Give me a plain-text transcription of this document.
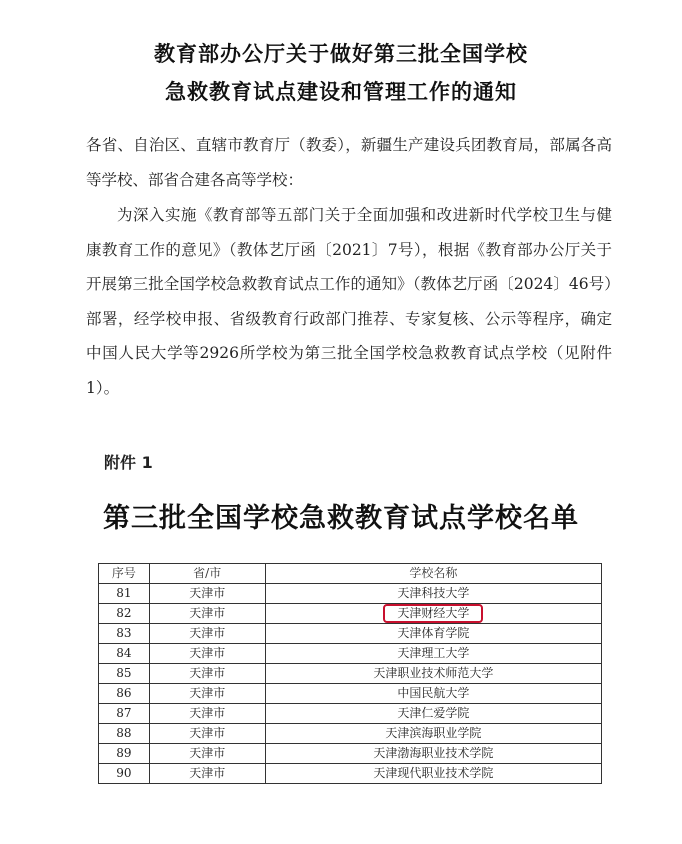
教育部办公厅关于做好第三批全国学校
急救教育试点建设和管理工作的通知

各省、自治区、直辖市教育厅（教委），新疆生产建设兵团教育局，部属各高等学校、部省合建各高等学校：

为深入实施《教育部等五部门关于全面加强和改进新时代学校卫生与健康教育工作的意见》（教体艺厅函〔2021〕7号），根据《教育部办公厅关于开展第三批全国学校急救教育试点工作的通知》（教体艺厅函〔2024〕46号）部署，经学校申报、省级教育行政部门推荐、专家复核、公示等程序，确定中国人民大学等2926所学校为第三批全国学校急救教育试点学校（见附件1）。

附件 1
第三批全国学校急救教育试点学校名单
序号	省/市	学校名称
81	天津市	天津科技大学
82	天津市	天津财经大学
83	天津市	天津体育学院
84	天津市	天津理工大学
85	天津市	天津职业技术师范大学
86	天津市	中国民航大学
87	天津市	天津仁爱学院
88	天津市	天津滨海职业学院
89	天津市	天津渤海职业技术学院
90	天津市	天津现代职业技术学院
